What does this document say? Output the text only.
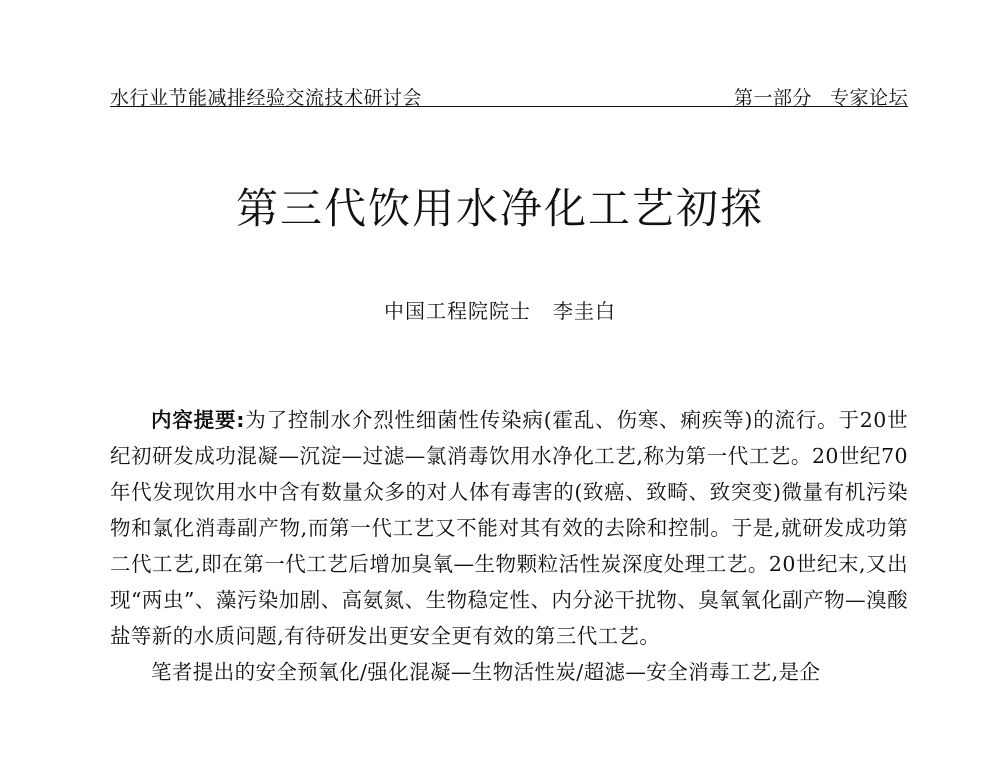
水行业节能减排经验交流技术研讨会	第一部分 专家论坛
第三代饮用水净化工艺初探
中国工程院院士 李圭白

内容提要:为了控制水介烈性细菌性传染病(霍乱、伤寒、痢疾等)的流行。于20世纪初研发成功混凝—沉淀—过滤—氯消毒饮用水净化工艺,称为第一代工艺。20世纪70年代发现饮用水中含有数量众多的对人体有毒害的(致癌、致畸、致突变)微量有机污染物和氯化消毒副产物,而第一代工艺又不能对其有效的去除和控制。于是,就研发成功第二代工艺,即在第一代工艺后增加臭氧—生物颗粒活性炭深度处理工艺。20世纪末,又出现“两虫”、藻污染加剧、高氨氮、生物稳定性、内分泌干扰物、臭氧氧化副产物—溴酸盐等新的水质问题,有待研发出更安全更有效的第三代工艺。

笔者提出的安全预氧化/强化混凝—生物活性炭/超滤—安全消毒工艺,是企
